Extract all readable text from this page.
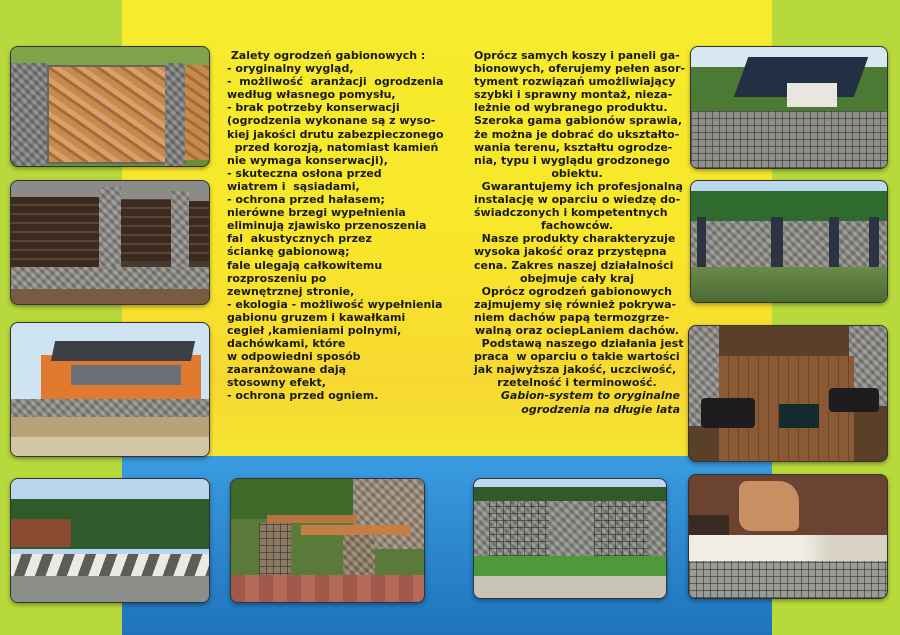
Zalety ogrodzeń gabionowych :

- oryginalny wygląd,

-  możliwość  aranżacji  ogrodzenia

według własnego pomysłu,

- brak potrzeby konserwacji

(ogrodzenia wykonane są z wyso-

kiej jakości drutu zabezpieczonego

przed korozją, natomiast kamień

nie wymaga konserwacji),

- skuteczna osłona przed

wiatrem i  sąsiadami,

- ochrona przed hałasem;

nierówne brzegi wypełnienia

eliminują zjawisko przenoszenia

fal  akustycznych przez

ściankę gabionową;

fale ulegają całkowitemu

rozproszeniu po

zewnętrznej stronie,

- ekologia - możliwość wypełnienia

gabionu gruzem i kawałkami

cegieł ,kamieniami polnymi,

dachówkami, które

w odpowiedni sposób

zaaranżowane dają

stosowny efekt,

- ochrona przed ogniem.

Oprócz samych koszy i paneli ga-

bionowych, oferujemy pełen asor-

tyment rozwiązań umożliwiający

szybki i sprawny montaż, nieza-

leżnie od wybranego produktu.

Szeroka gama gabionów sprawia,

że można je dobrać do ukształto-

wania terenu, kształtu ogrodze-

nia, typu i wyglądu grodzonego

obiektu.

Gwarantujemy ich profesjonalną

instalację w oparciu o wiedzę do-

świadczonych i kompetentnych

fachowców.

Nasze produkty charakteryzuje

wysoka jakość oraz przystępna

cena. Zakres naszej działalności

obejmuje cały kraj

Oprócz ogrodzeń gabionowych

zajmujemy się również pokrywa-

niem dachów papą termozgrze-

walną oraz ociepLaniem dachów.

Podstawą naszego działania jest

praca  w oparciu o takie wartości

jak najwyższa jakość, uczciwość,

rzetelność i terminowość.

Gabion-system to oryginalne

ogrodzenia na długie lata
